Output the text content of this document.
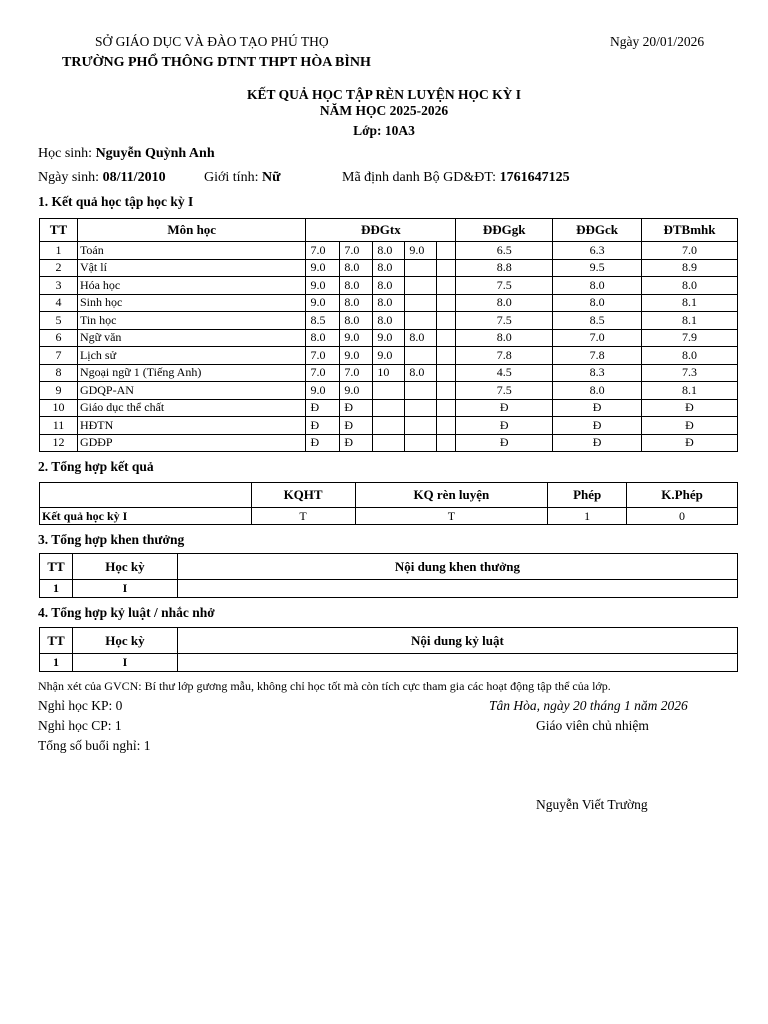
SỞ GIÁO DỤC VÀ ĐÀO TẠO PHÚ THỌ	Ngày 20/01/2026
TRƯỜNG PHỔ THÔNG DTNT THPT HÒA BÌNH
KẾT QUẢ HỌC TẬP RÈN LUYỆN HỌC KỲ I
NĂM HỌC 2025-2026
Lớp: 10A3
Học sinh: Nguyễn Quỳnh Anh
Ngày sinh: 08/11/2010	Giới tính: Nữ	Mã định danh Bộ GD&ĐT: 1761647125
1. Kết quả học tập học kỳ I
TT	Môn học	ĐĐGtx					ĐĐGgk	ĐĐGck	ĐTBmhk
1	Toán	7.0	7.0	8.0	9.0		6.5	6.3	7.0
2	Vật lí	9.0	8.0	8.0			8.8	9.5	8.9
3	Hóa học	9.0	8.0	8.0			7.5	8.0	8.0
4	Sinh học	9.0	8.0	8.0			8.0	8.0	8.1
5	Tin học	8.5	8.0	8.0			7.5	8.5	8.1
6	Ngữ văn	8.0	9.0	9.0	8.0		8.0	7.0	7.9
7	Lịch sử	7.0	9.0	9.0			7.8	7.8	8.0
8	Ngoại ngữ 1 (Tiếng Anh)	7.0	7.0	10	8.0		4.5	8.3	7.3
9	GDQP-AN	9.0	9.0				7.5	8.0	8.1
10	Giáo dục thể chất	Đ	Đ				Đ	Đ	Đ
11	HĐTN	Đ	Đ				Đ	Đ	Đ
12	GDĐP	Đ	Đ				Đ	Đ	Đ
2. Tổng hợp kết quả
	KQHT	KQ rèn luyện	Phép	K.Phép
Kết quả học kỳ I	T	T	1	0
3. Tổng hợp khen thưởng
TT	Học kỳ	Nội dung khen thưởng
1	I	
4. Tổng hợp kỷ luật / nhắc nhở
TT	Học kỳ	Nội dung kỷ luật
1	I	
Nhận xét của GVCN: Bí thư lớp gương mẫu, không chỉ học tốt mà còn tích cực tham gia các hoạt động tập thể của lớp.
Nghỉ học KP: 0
Nghỉ học CP: 1
Tổng số buổi nghỉ: 1
Tân Hòa, ngày 20 tháng 1 năm 2026
Giáo viên chủ nhiệm
Nguyễn Viết Trường
